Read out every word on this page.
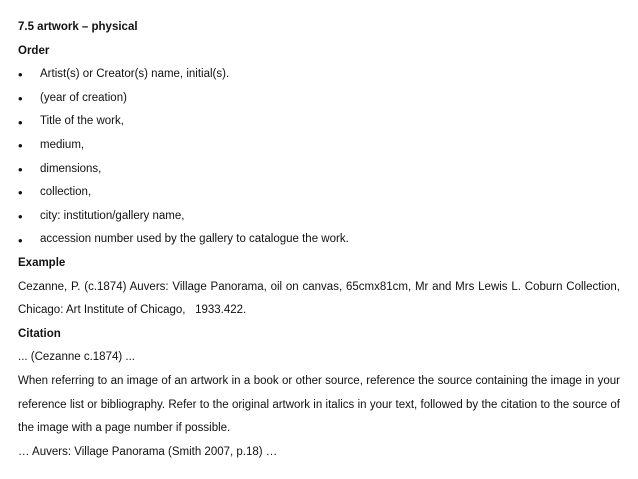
7.5 artwork – physical
Order
•	Artist(s) or Creator(s) name, initial(s).
•	(year of creation)
•	Title of the work,
•	medium,
•	dimensions,
•	collection,
•	city: institution/gallery name,
•	accession number used by the gallery to catalogue the work.
Example
Cezanne, P. (c.1874) Auvers: Village Panorama, oil on canvas, 65cmx81cm, Mr and Mrs Lewis L. Coburn Collection,
Chicago: Art Institute of Chicago,   1933.422.
Citation
... (Cezanne c.1874) ...
When referring to an image of an artwork in a book or other source, reference the source containing the image in your reference list or bibliography. Refer to the original artwork in italics in your text, followed by the citation to the source of the image with a page number if possible.
… Auvers: Village Panorama (Smith 2007, p.18) …
